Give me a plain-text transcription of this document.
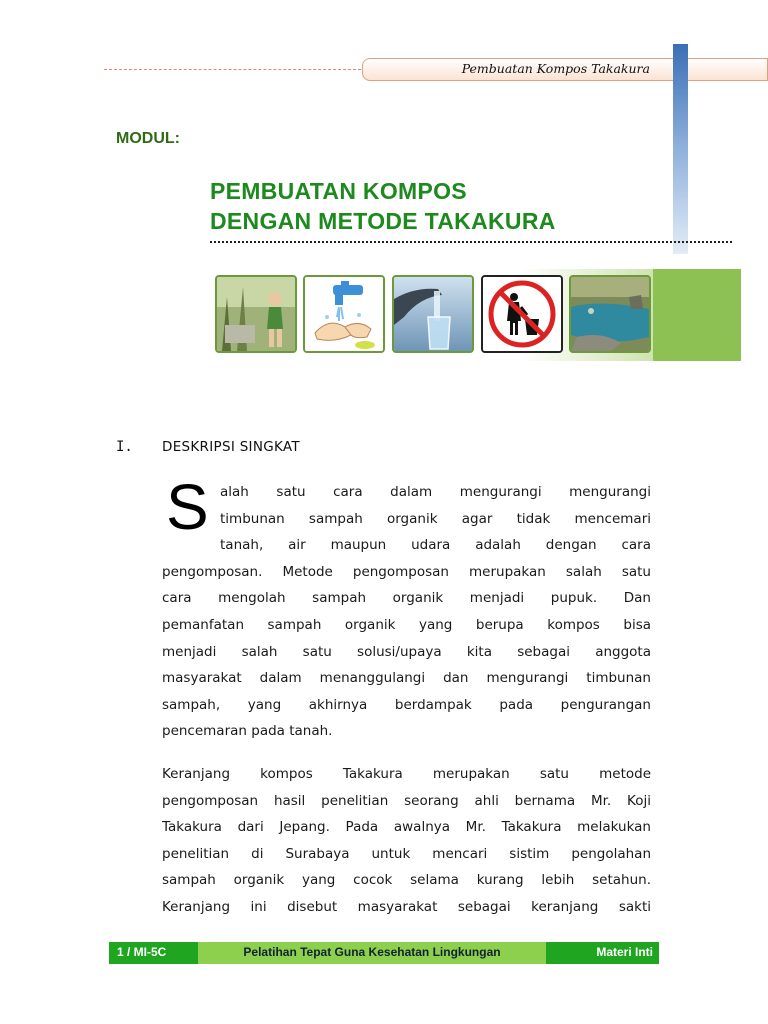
Pembuatan Kompos Takakura
MODUL:
PEMBUATAN KOMPOS
DENGAN METODE TAKAKURA
I. DESKRIPSI SINGKAT
S alah satu cara dalam mengurangi mengurangi
timbunan sampah organik agar tidak mencemari
tanah, air maupun udara adalah dengan cara
pengomposan. Metode pengomposan merupakan salah satu
cara mengolah sampah organik menjadi pupuk. Dan
pemanfatan sampah organik yang berupa kompos bisa
menjadi salah satu solusi/upaya kita sebagai anggota
masyarakat dalam menanggulangi dan mengurangi timbunan
sampah, yang akhirnya berdampak pada pengurangan
pencemaran pada tanah.
Keranjang kompos Takakura merupakan satu metode
pengomposan hasil penelitian seorang ahli bernama Mr. Koji
Takakura dari Jepang. Pada awalnya Mr. Takakura melakukan
penelitian di Surabaya untuk mencari sistim pengolahan
sampah organik yang cocok selama kurang lebih setahun.
Keranjang ini disebut masyarakat sebagai keranjang sakti
1 / MI-5C	Pelatihan Tepat Guna Kesehatan Lingkungan	Materi Inti
